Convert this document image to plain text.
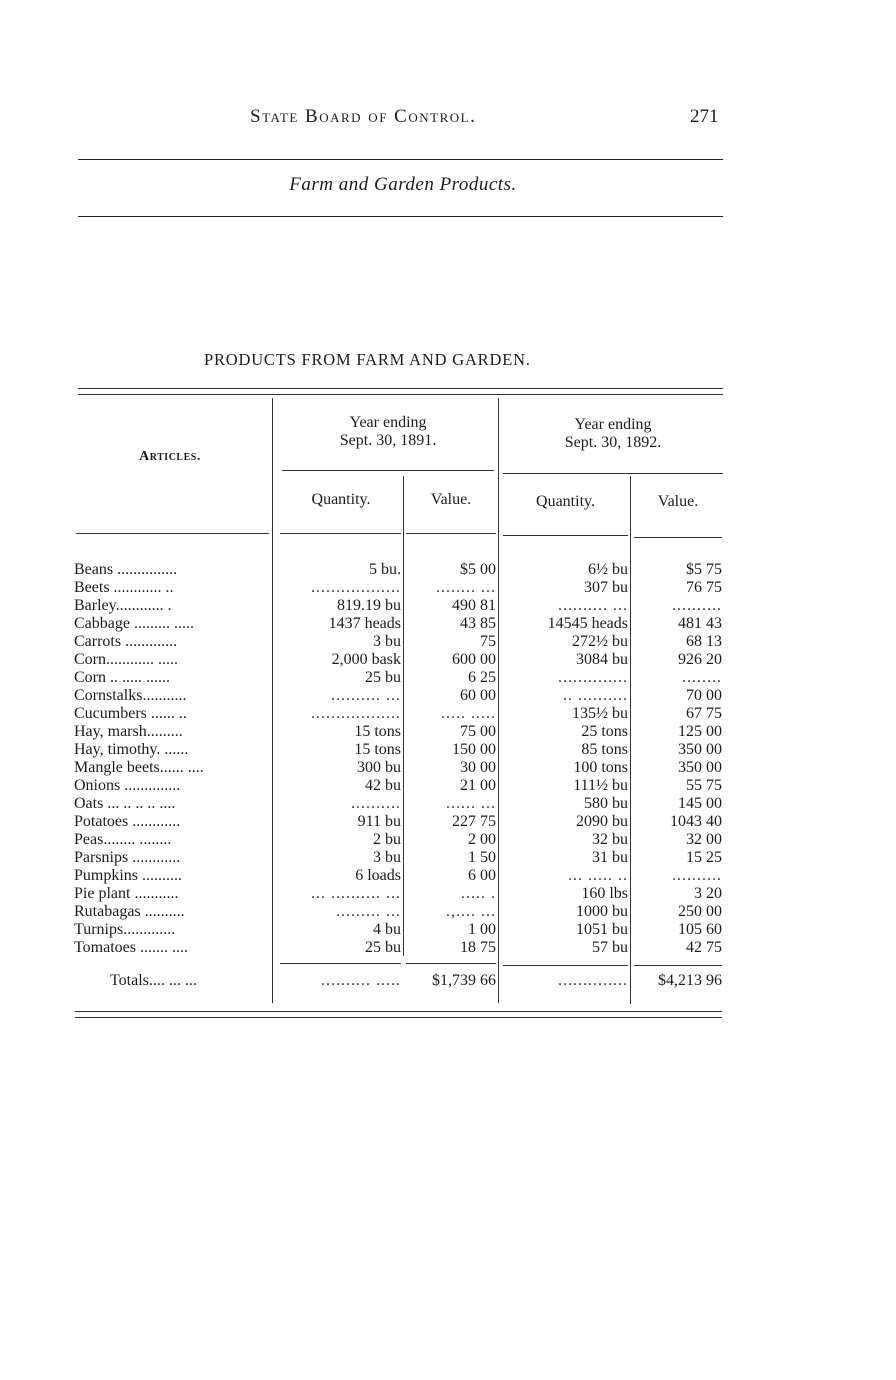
State Board of Control.	271
Farm and Garden Products.
PRODUCTS FROM FARM AND GARDEN.
Articles.
Year ending
Sept. 30, 1891.
Year ending
Sept. 30, 1892.
Quantity.	Value.	Quantity.	Value.
Beans ...............	5 bu.	$5 00	6½ bu	$5 75
Beets ............ ..	..................	........ ...	307 bu	76 75
Barley............ .	819.19 bu	490 81	.......... ...	..........
Cabbage ......... .....	1437 heads	43 85	14545 heads	481 43
Carrots .............	3 bu	75	272½ bu	68 13
Corn............ .....	2,000 bask	600 00	3084 bu	926 20
Corn .. ..... ......	25 bu	6 25	..............	........
Cornstalks...........	.......... ...	60 00	.. ..........	70 00
Cucumbers ...... ..	..................	..... .....	135½ bu	67 75
Hay, marsh.........	15 tons	75 00	25 tons	125 00
Hay, timothy. ......	15 tons	150 00	85 tons	350 00
Mangle beets...... ....	300 bu	30 00	100 tons	350 00
Onions ..............	42 bu	21 00	111½ bu	55 75
Oats ... .. .. .. ....	..........	...... ...	580 bu	145 00
Potatoes ............	911 bu	227 75	2090 bu	1043 40
Peas........ ........	2 bu	2 00	32 bu	32 00
Parsnips ............	3 bu	1 50	31 bu	15 25
Pumpkins ..........	6 loads	6 00	... ..... ..	..........
Pie plant ...........	... .......... ...	..... .	160 lbs	3 20
Rutabagas ..........	......... ...	.,.... ...	1000 bu	250 00
Turnips.............	4 bu	1 00	1051 bu	105 60
Tomatoes ....... ....	25 bu	18 75	57 bu	42 75
Totals.... ... ...	.......... .....	$1,739 66	..............	$4,213 96
